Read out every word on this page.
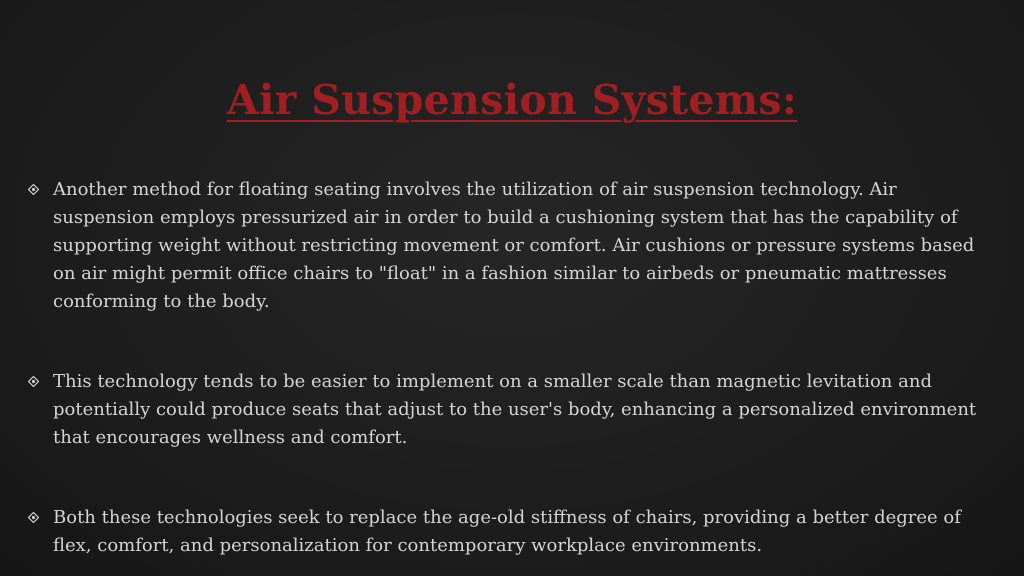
Air Suspension Systems:
Another method for floating seating involves the utilization of air suspension technology. Air suspension employs pressurized air in order to build a cushioning system that has the capability of supporting weight without restricting movement or comfort. Air cushions or pressure systems based on air might permit office chairs to "float" in a fashion similar to airbeds or pneumatic mattresses conforming to the body.
This technology tends to be easier to implement on a smaller scale than magnetic levitation and potentially could produce seats that adjust to the user's body, enhancing a personalized environment that encourages wellness and comfort.
Both these technologies seek to replace the age-old stiffness of chairs, providing a better degree of flex, comfort, and personalization for contemporary workplace environments.
